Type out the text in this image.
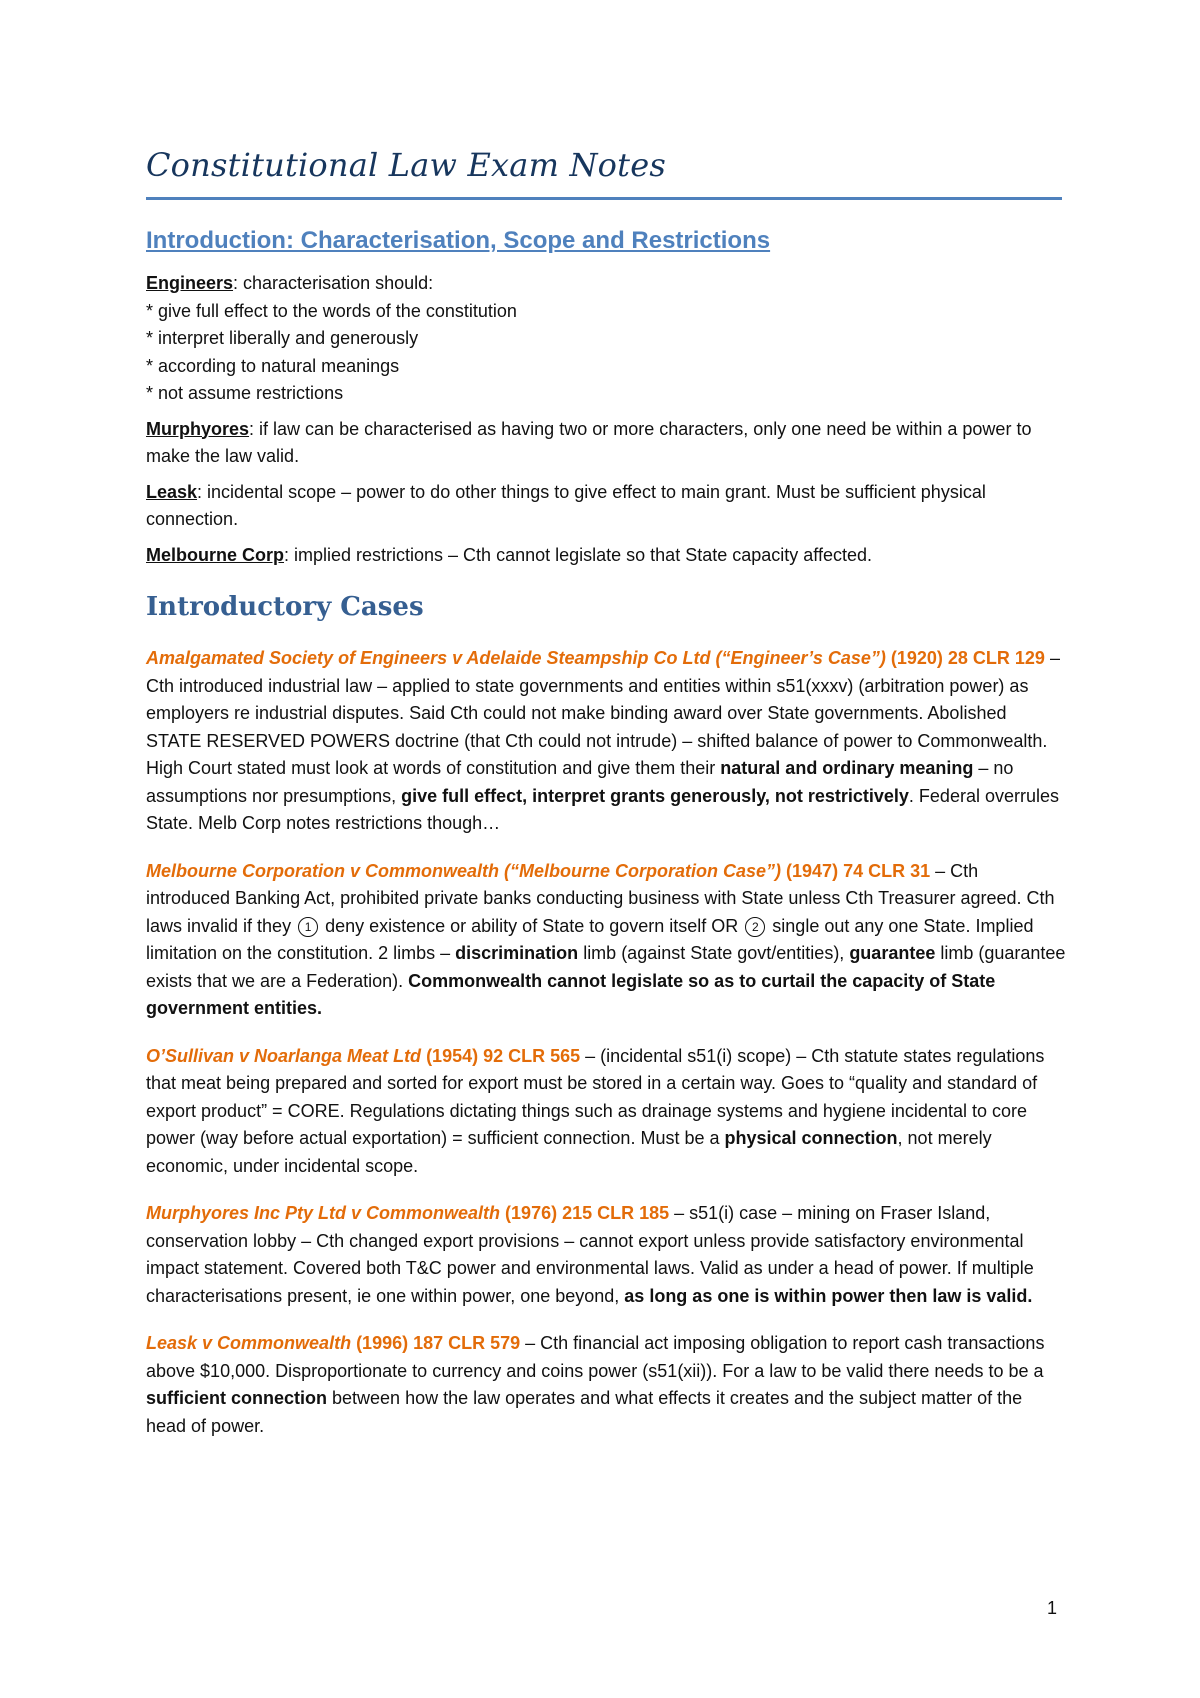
Constitutional Law Exam Notes
Introduction: Characterisation, Scope and Restrictions
Engineers: characterisation should:
* give full effect to the words of the constitution
* interpret liberally and generously
* according to natural meanings
* not assume restrictions

Murphyores: if law can be characterised as having two or more characters, only one need be within a power to make the law valid.

Leask: incidental scope – power to do other things to give effect to main grant. Must be sufficient physical connection.

Melbourne Corp: implied restrictions – Cth cannot legislate so that State capacity affected.

Introductory Cases

Amalgamated Society of Engineers v Adelaide Steampship Co Ltd (“Engineer’s Case”) (1920) 28 CLR 129 – Cth introduced industrial law – applied to state governments and entities within s51(xxxv) (arbitration power) as employers re industrial disputes. Said Cth could not make binding award over State governments. Abolished STATE RESERVED POWERS doctrine (that Cth could not intrude) – shifted balance of power to Commonwealth. High Court stated must look at words of constitution and give them their natural and ordinary meaning – no assumptions nor presumptions, give full effect, interpret grants generously, not restrictively. Federal overrules State. Melb Corp notes restrictions though…

Melbourne Corporation v Commonwealth (“Melbourne Corporation Case”) (1947) 74 CLR 31 – Cth introduced Banking Act, prohibited private banks conducting business with State unless Cth Treasurer agreed. Cth laws invalid if they 1 deny existence or ability of State to govern itself OR 2 single out any one State. Implied limitation on the constitution. 2 limbs – discrimination limb (against State govt/entities), guarantee limb (guarantee exists that we are a Federation). Commonwealth cannot legislate so as to curtail the capacity of State government entities.

O’Sullivan v Noarlanga Meat Ltd (1954) 92 CLR 565 – (incidental s51(i) scope) – Cth statute states regulations that meat being prepared and sorted for export must be stored in a certain way. Goes to “quality and standard of export product” = CORE. Regulations dictating things such as drainage systems and hygiene incidental to core power (way before actual exportation) = sufficient connection. Must be a physical connection, not merely economic, under incidental scope.

Murphyores Inc Pty Ltd v Commonwealth (1976) 215 CLR 185 – s51(i) case – mining on Fraser Island, conservation lobby – Cth changed export provisions – cannot export unless provide satisfactory environmental impact statement. Covered both T&C power and environmental laws. Valid as under a head of power. If multiple characterisations present, ie one within power, one beyond, as long as one is within power then law is valid.

Leask v Commonwealth (1996) 187 CLR 579 – Cth financial act imposing obligation to report cash transactions above $10,000. Disproportionate to currency and coins power (s51(xii)). For a law to be valid there needs to be a sufficient connection between how the law operates and what effects it creates and the subject matter of the head of power.

1
